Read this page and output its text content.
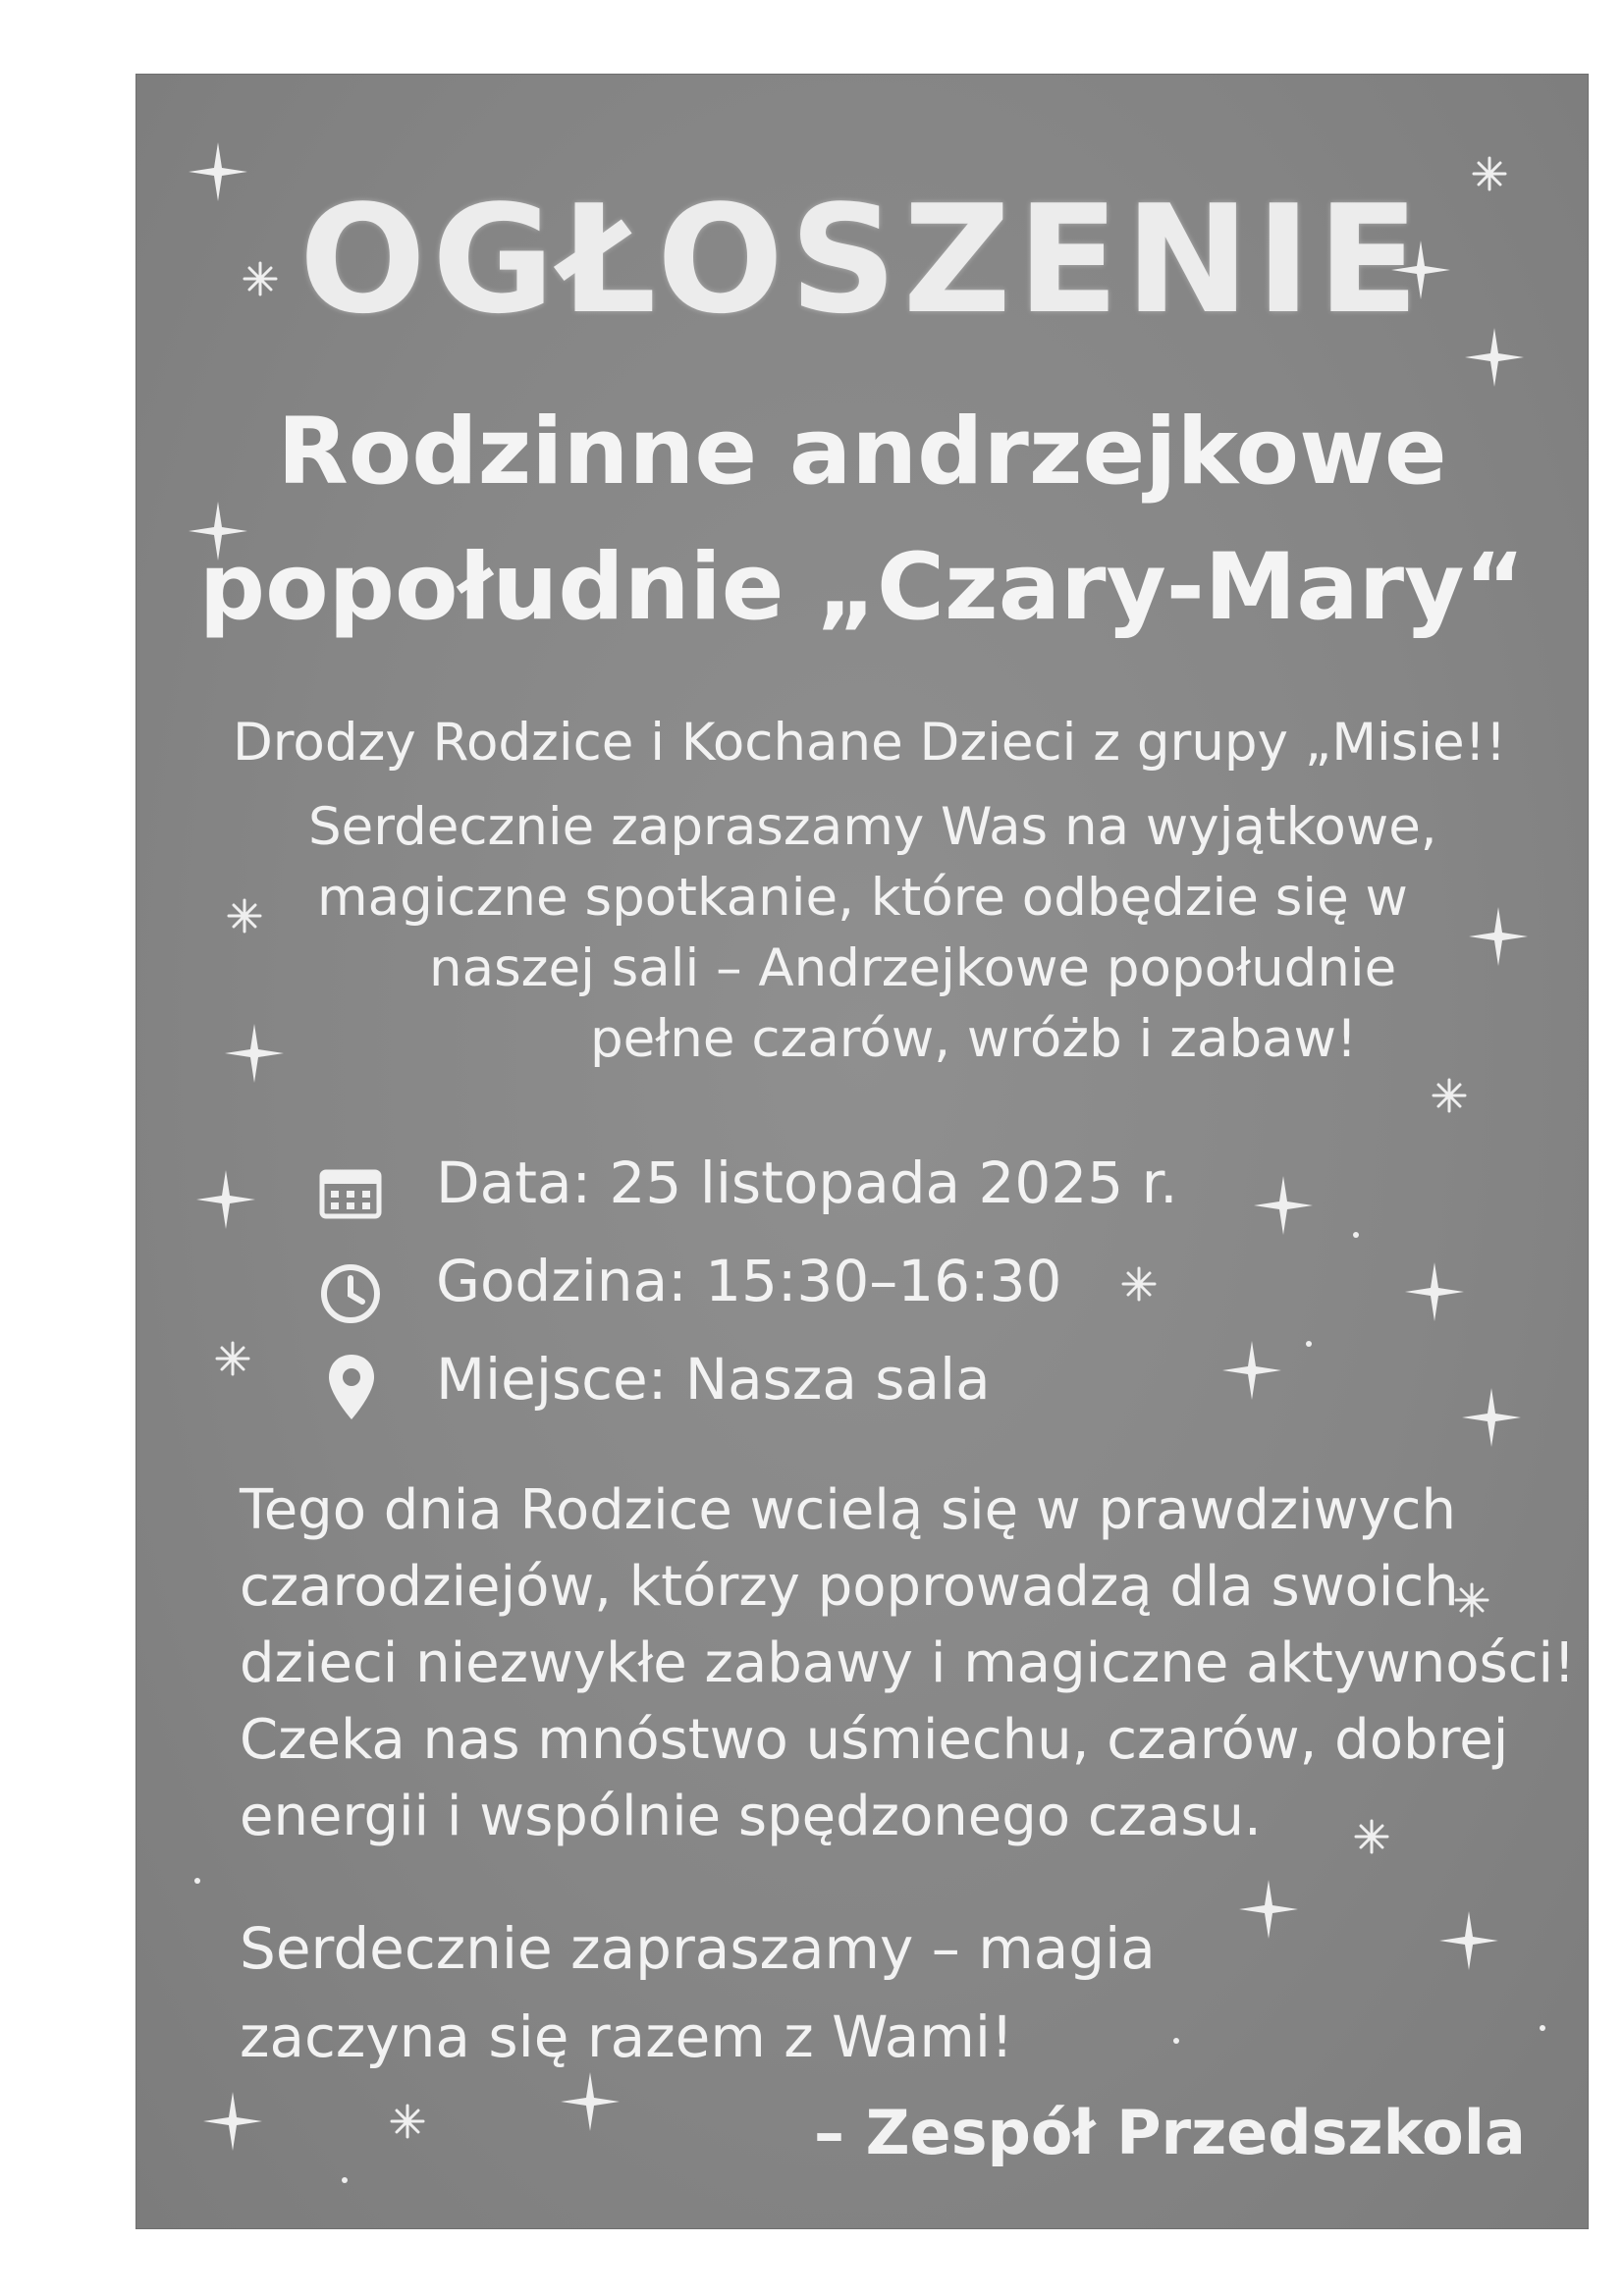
OGŁOSZENIE
Rodzinne andrzejkowe
popołudnie „Czary-Mary“
Drodzy Rodzice i Kochane Dzieci z grupy „Misie!!
Serdecznie zapraszamy Was na wyjątkowe,
magiczne spotkanie, które odbędzie się w
naszej sali – Andrzejkowe popołudnie
pełne czarów, wróżb i zabaw!
Data: 25 listopada 2025 r.
Godzina: 15:30–16:30
Miejsce: Nasza sala
Tego dnia Rodzice wcielą się w prawdziwych
czarodziejów, którzy poprowadzą dla swoich
dzieci niezwykłe zabawy i magiczne aktywności!
Czeka nas mnóstwo uśmiechu, czarów, dobrej
energii i wspólnie spędzonego czasu.
Serdecznie zapraszamy – magia
zaczyna się razem z Wami!
– Zespół Przedszkola
